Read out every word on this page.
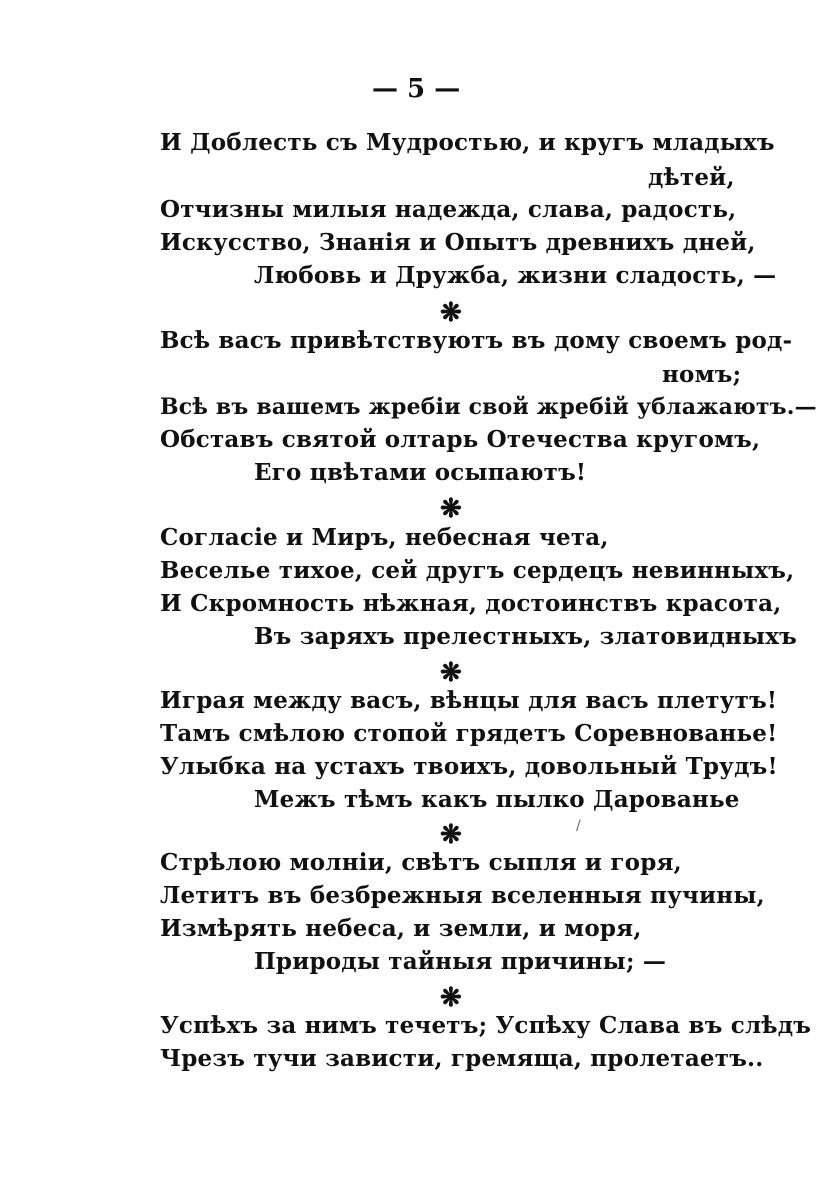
— 5 —
И Доблесть съ Мудростью, и кругъ младыхъ
дѣтей,
Отчизны милыя надежда, слава, радость,
Искусство, Знанія и Опытъ древнихъ дней,
Любовь и Дружба, жизни сладость, —
❋
Всѣ васъ привѣтствуютъ въ дому своемъ род-
номъ;
Всѣ въ вашемъ жребіи свой жребій ублажаютъ.—
Обставъ святой олтарь Отечества кругомъ,
Его цвѣтами осыпаютъ!
❋
Согласіе и Миръ, небесная чета,
Веселье тихое, сей другъ сердецъ невинныхъ,
И Скромность нѣжная, достоинствъ красота,
Въ заряхъ прелестныхъ, златовидныхъ
❋
Играя между васъ, вѣнцы для васъ плетутъ!
Тамъ смѣлою стопой грядетъ Соревнованье!
Улыбка на устахъ твоихъ, довольный Трудъ!
Межъ тѣмъ какъ пылко Дарованье
/
❋
Стрѣлою молніи, свѣтъ сыпля и горя,
Летитъ въ безбрежныя вселенныя пучины,
Измѣрять небеса, и земли, и моря,
Природы тайныя причины; —
❋
Успѣхъ за нимъ течетъ; Успѣху Слава въ слѣдъ
Чрезъ тучи зависти, гремяща, пролетаетъ..
